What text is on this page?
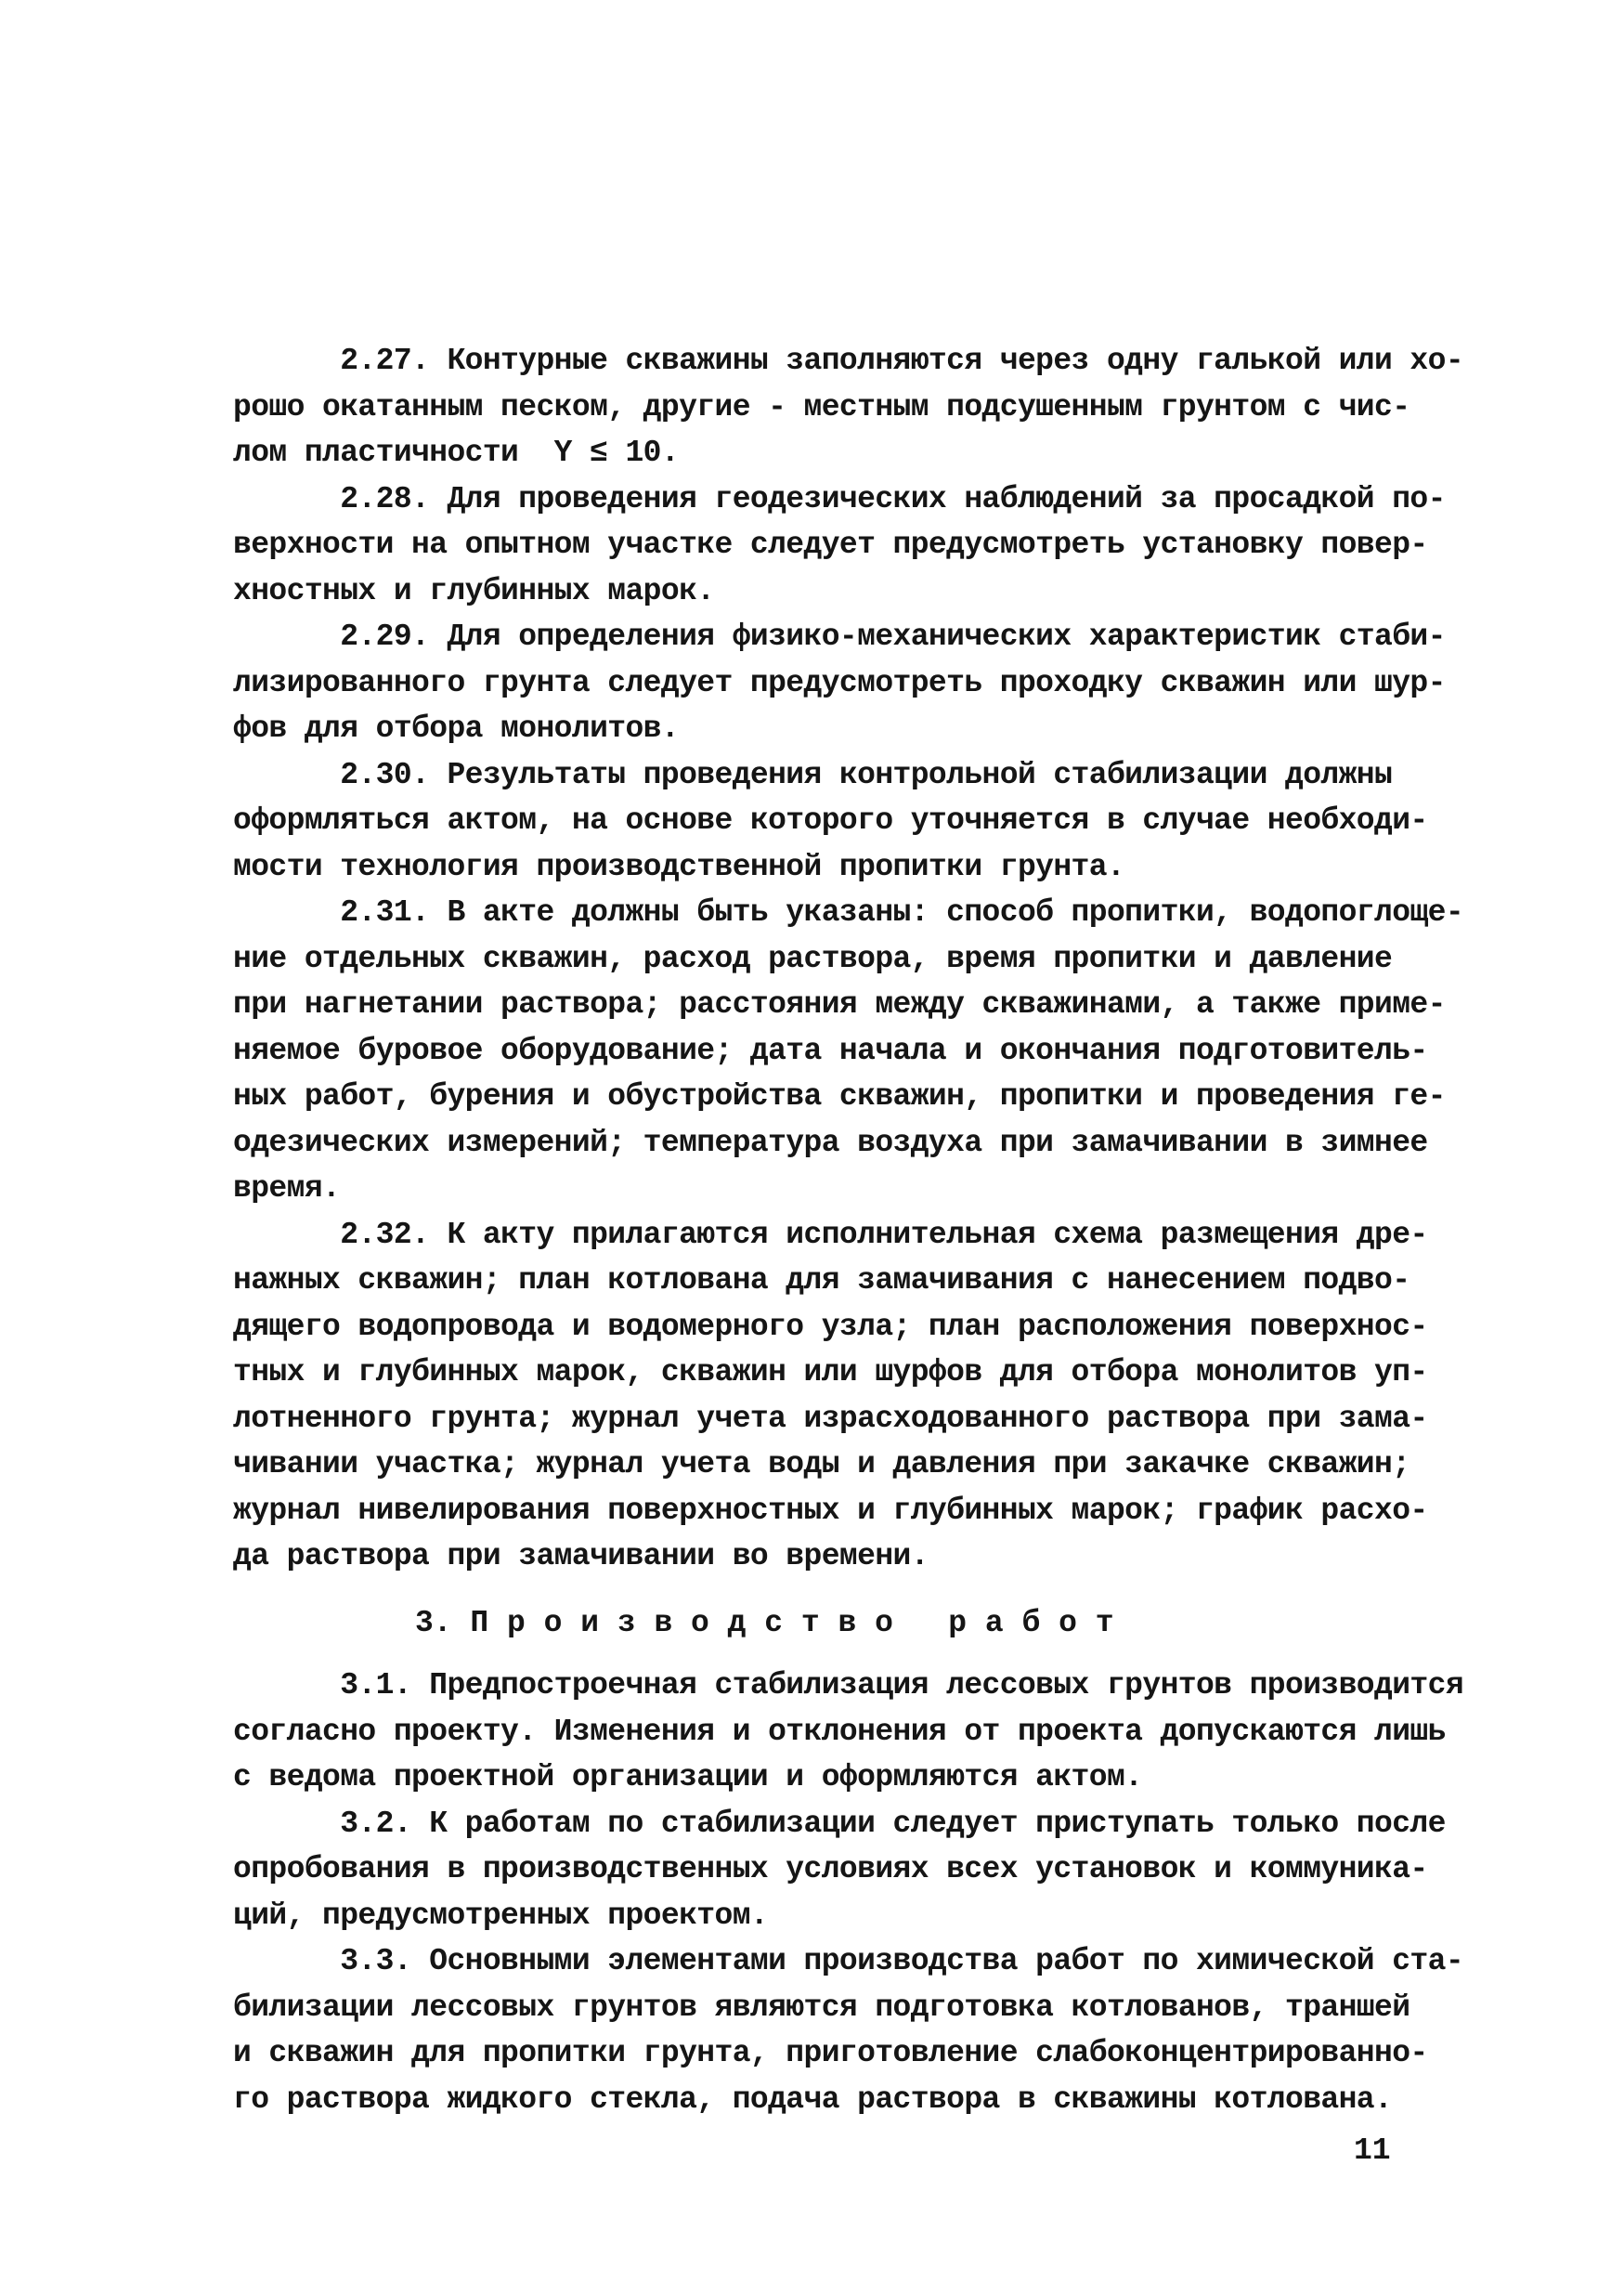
2.27. Контурные скважины заполняются через одну галькой или хо-
рошо окатанным песком, другие - местным подсушенным грунтом с чис-
лом пластичности  Y ≤ 10.
2.28. Для проведения геодезических наблюдений за просадкой по-
верхности на опытном участке следует предусмотреть установку повер-
хностных и глубинных марок.
2.29. Для определения физико-механических характеристик стаби-
лизированного грунта следует предусмотреть проходку скважин или шур-
фов для отбора монолитов.
2.30. Результаты проведения контрольной стабилизации должны
оформляться актом, на основе которого уточняется в случае необходи-
мости технология производственной пропитки грунта.
2.31. В акте должны быть указаны: способ пропитки, водопоглоще-
ние отдельных скважин, расход раствора, время пропитки и давление
при нагнетании раствора; расстояния между скважинами, а также приме-
няемое буровое оборудование; дата начала и окончания подготовитель-
ных работ, бурения и обустройства скважин, пропитки и проведения ге-
одезических измерений; температура воздуха при замачивании в зимнее
время.
2.32. К акту прилагаются исполнительная схема размещения дре-
нажных скважин; план котлована для замачивания с нанесением подво-
дящего водопровода и водомерного узла; план расположения поверхнос-
тных и глубинных марок, скважин или шурфов для отбора монолитов уп-
лотненного грунта; журнал учета израсходованного раствора при зама-
чивании участка; журнал учета воды и давления при закачке скважин;
журнал нивелирования поверхностных и глубинных марок; график расхо-
да раствора при замачивании во времени.
3. П р о и з в о д с т в о   р а б о т
3.1. Предпостроечная стабилизация лессовых грунтов производится
согласно проекту. Изменения и отклонения от проекта допускаются лишь
с ведома проектной организации и оформляются актом.
3.2. К работам по стабилизации следует приступать только после
опробования в производственных условиях всех установок и коммуника-
ций, предусмотренных проектом.
3.3. Основными элементами производства работ по химической ста-
билизации лессовых грунтов являются подготовка котлованов, траншей
и скважин для пропитки грунта, приготовление слабоконцентрированно-
го раствора жидкого стекла, подача раствора в скважины котлована.
11
